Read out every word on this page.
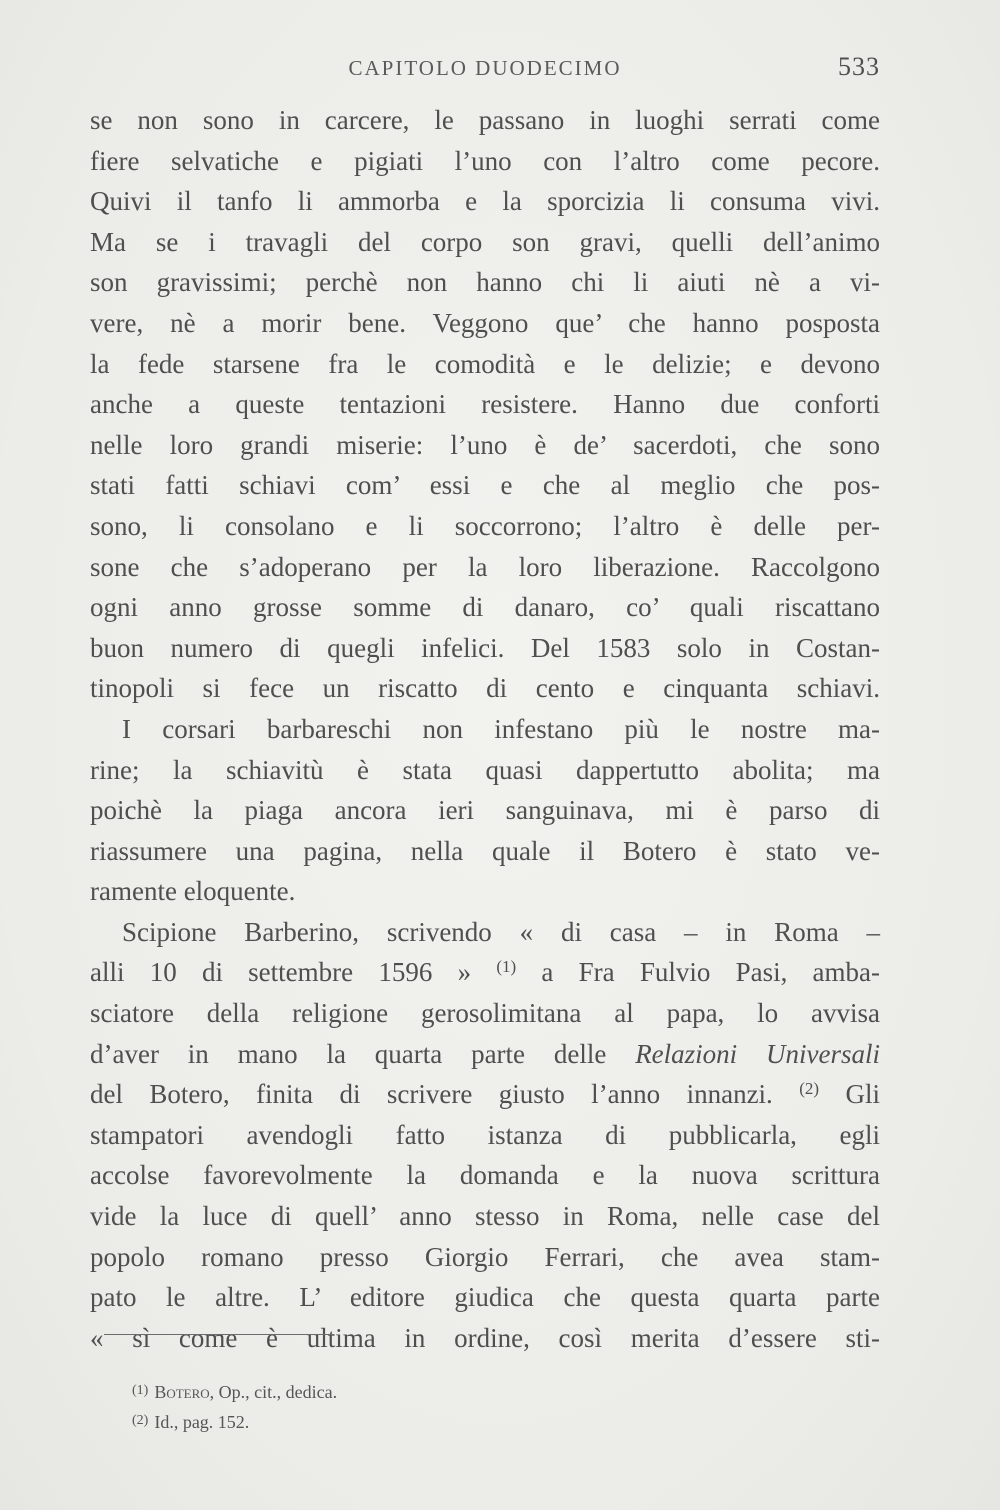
CAPITOLO DUODECIMO	533
se non sono in carcere, le passano in luoghi serrati come
fiere selvatiche e pigiati l’uno con l’altro come pecore.
Quivi il tanfo li ammorba e la sporcizia li consuma vivi.
Ma se i travagli del corpo son gravi, quelli dell’animo
son gravissimi; perchè non hanno chi li aiuti nè a vi-
vere, nè a morir bene. Veggono que’ che hanno posposta
la fede starsene fra le comodità e le delizie; e devono
anche a queste tentazioni resistere. Hanno due conforti
nelle loro grandi miserie: l’uno è de’ sacerdoti, che sono
stati fatti schiavi com’ essi e che al meglio che pos-
sono, li consolano e li soccorrono; l’altro è delle per-
sone che s’adoperano per la loro liberazione. Raccolgono
ogni anno grosse somme di danaro, co’ quali riscattano
buon numero di quegli infelici. Del 1583 solo in Costan-
tinopoli si fece un riscatto di cento e cinquanta schiavi.
I corsari barbareschi non infestano più le nostre ma-
rine; la schiavitù è stata quasi dappertutto abolita; ma
poichè la piaga ancora ieri sanguinava, mi è parso di
riassumere una pagina, nella quale il Botero è stato ve-
ramente eloquente.
Scipione Barberino, scrivendo « di casa – in Roma –
alli 10 di settembre 1596 » $^{(1)}$ a Fra Fulvio Pasi, amba-
sciatore della religione gerosolimitana al papa, lo avvisa
d’aver in mano la quarta parte delle Relazioni Universali
del Botero, finita di scrivere giusto l’anno innanzi. $^{(2)}$ Gli
stampatori avendogli fatto istanza di pubblicarla, egli
accolse favorevolmente la domanda e la nuova scrittura
vide la luce di quell’ anno stesso in Roma, nelle case del
popolo romano presso Giorgio Ferrari, che avea stam-
pato le altre. L’ editore giudica che questa quarta parte
« sì come è ultima in ordine, così merita d’essere sti-
$^{(1)}$ Botero, Op., cit., dedica.
$^{(2)}$ Id., pag. 152.
